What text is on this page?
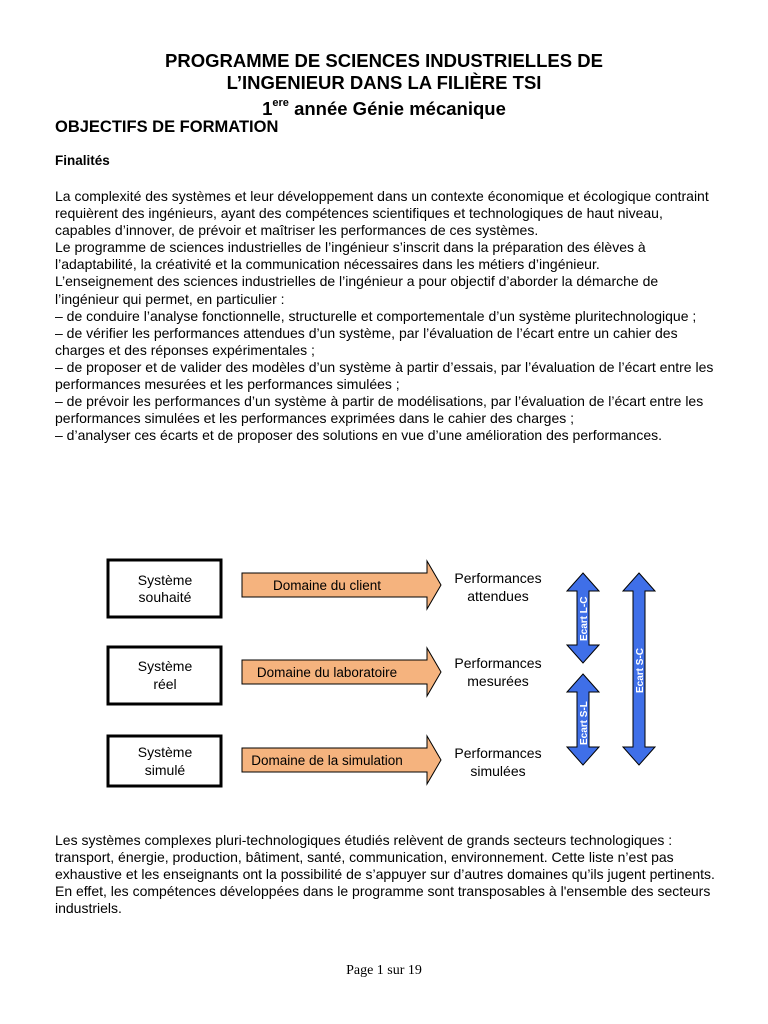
PROGRAMME DE SCIENCES INDUSTRIELLES DE
L’INGENIEUR DANS LA FILIÈRE TSI
1ere année Génie mécanique
OBJECTIFS DE FORMATION
Finalités

La complexité des systèmes et leur développement dans un contexte économique et écologique contraint requièrent des ingénieurs, ayant des compétences scientifiques et technologiques de haut niveau, capables d’innover, de prévoir et maîtriser les performances de ces systèmes.

Le programme de sciences industrielles de l’ingénieur s’inscrit dans la préparation des élèves à l’adaptabilité, la créativité et la communication nécessaires dans les métiers d’ingénieur.

L’enseignement des sciences industrielles de l’ingénieur a pour objectif d’aborder la démarche de l’ingénieur qui permet, en particulier :

– de conduire l’analyse fonctionnelle, structurelle et comportementale d’un système pluritechnologique ;

– de vérifier les performances attendues d’un système, par l’évaluation de l’écart entre un cahier des charges et des réponses expérimentales ;

– de proposer et de valider des modèles d’un système à partir d’essais, par l’évaluation de l’écart entre les performances mesurées et les performances simulées ;

– de prévoir les performances d’un système à partir de modélisations, par l’évaluation de l’écart entre les performances simulées et les performances exprimées dans le cahier des charges ;

– d’analyser ces écarts et de proposer des solutions en vue d’une amélioration des performances.

Système
souhaité
Domaine du client	Performances
attendues
Système
réel
Domaine du laboratoire
Performances
mesurées
Système
simulé
Domaine de la simulation	Performances
simulées
Ecart L-C
Ecart S-L
Ecart S-C
Les systèmes complexes pluri-technologiques étudiés relèvent de grands secteurs technologiques : transport, énergie, production, bâtiment, santé, communication, environnement. Cette liste n’est pas exhaustive et les enseignants ont la possibilité de s’appuyer sur d’autres domaines qu’ils jugent pertinents. En effet, les compétences développées dans le programme sont transposables à l'ensemble des secteurs industriels.
Page 1 sur 19
